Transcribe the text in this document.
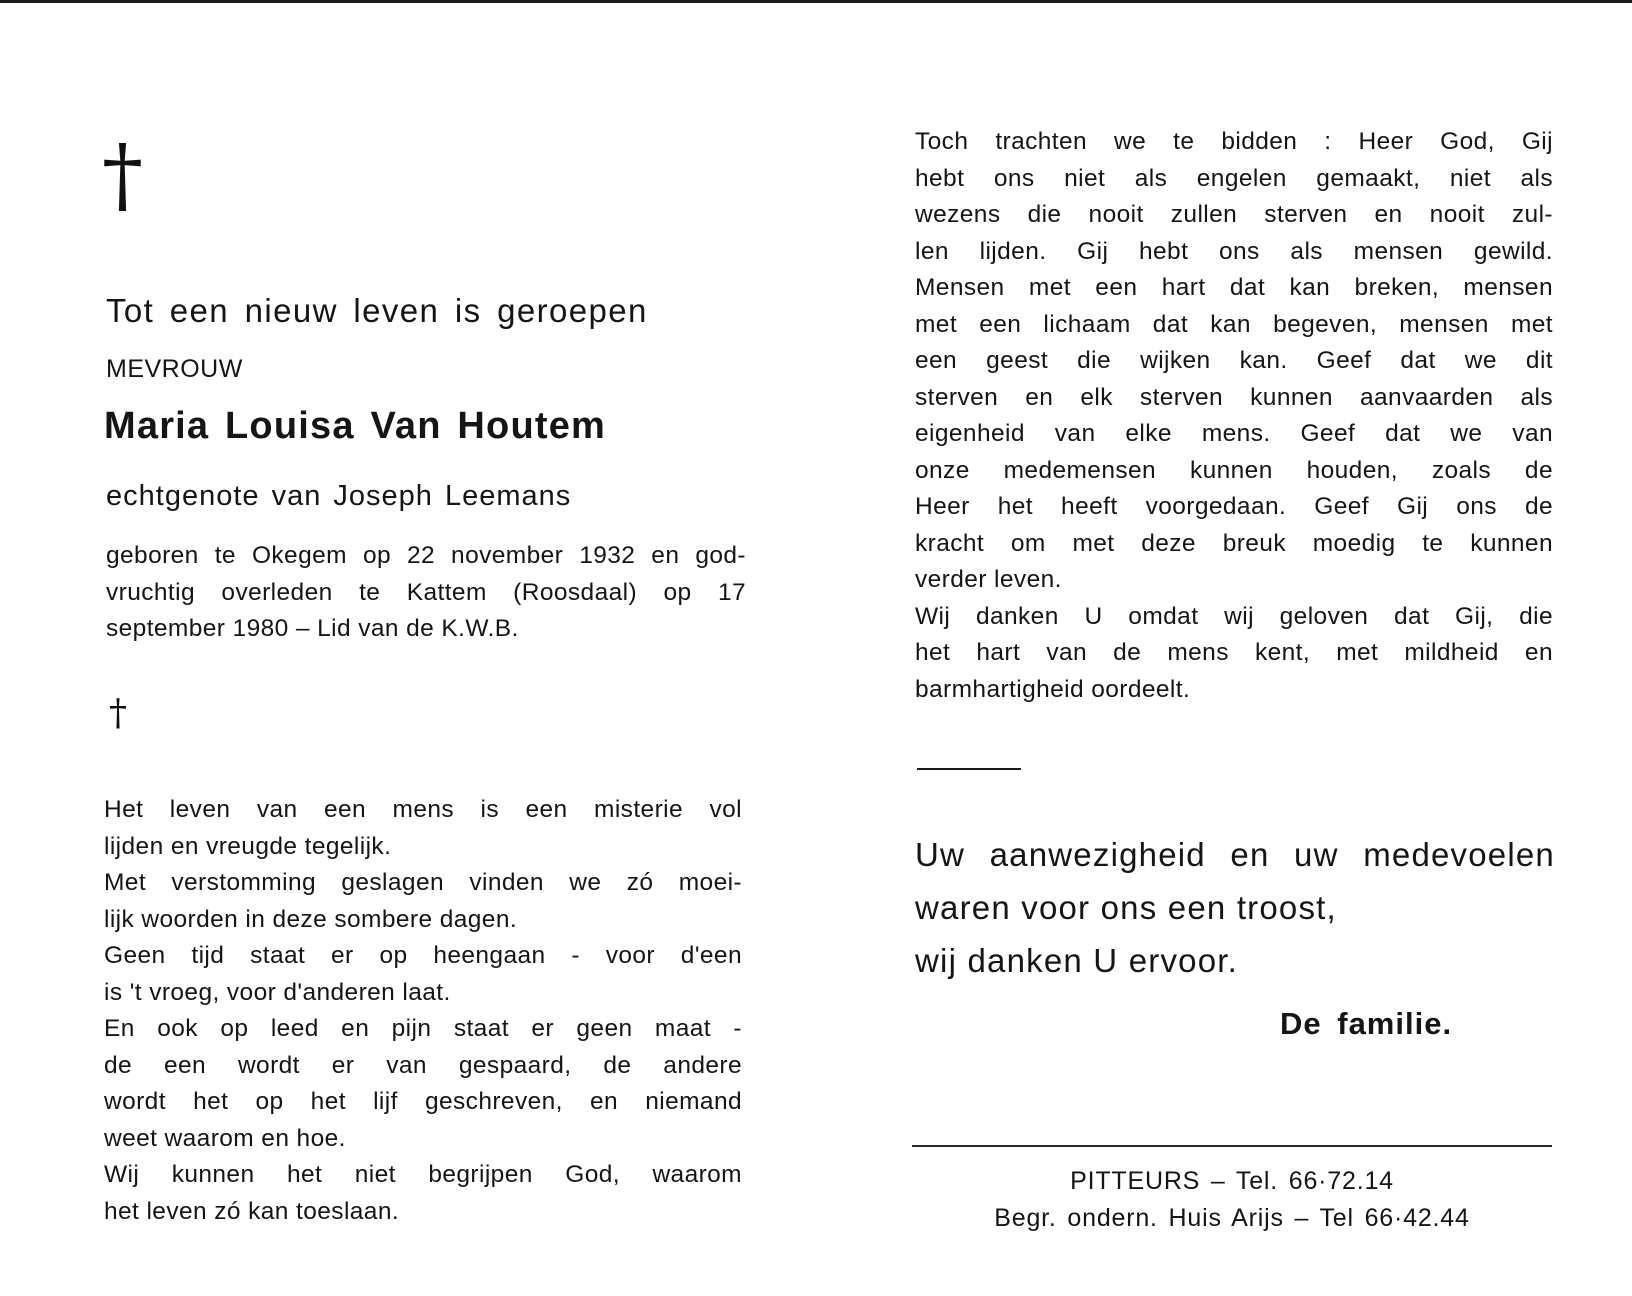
†
Tot een nieuw leven is geroepen
MEVROUW
Maria Louisa Van Houtem
echtgenote van Joseph Leemans
geboren te Okegem op 22 november 1932 en god-
vruchtig overleden te Kattem (Roosdaal) op 17
september 1980 – Lid van de K.W.B.
†
Het leven van een mens is een misterie vol
lijden en vreugde tegelijk.
Met verstomming geslagen vinden we zó moei-
lijk woorden in deze sombere dagen.
Geen tijd staat er op heengaan - voor d'een
is 't vroeg, voor d'anderen laat.
En ook op leed en pijn staat er geen maat -
de een wordt er van gespaard, de andere
wordt het op het lijf geschreven, en niemand
weet waarom en hoe.
Wij kunnen het niet begrijpen God, waarom
het leven zó kan toeslaan.
Toch trachten we te bidden : Heer God, Gij
hebt ons niet als engelen gemaakt, niet als
wezens die nooit zullen sterven en nooit zul-
len lijden. Gij hebt ons als mensen gewild.
Mensen met een hart dat kan breken, mensen
met een lichaam dat kan begeven, mensen met
een geest die wijken kan. Geef dat we dit
sterven en elk sterven kunnen aanvaarden als
eigenheid van elke mens. Geef dat we van
onze medemensen kunnen houden, zoals de
Heer het heeft voorgedaan. Geef Gij ons de
kracht om met deze breuk moedig te kunnen
verder leven.
Wij danken U omdat wij geloven dat Gij, die
het hart van de mens kent, met mildheid en
barmhartigheid oordeelt.
Uw aanwezigheid en uw medevoelen
waren voor ons een troost,
wij danken U ervoor.
De familie.
PITTEURS – Tel. 66·72.14
Begr. ondern. Huis Arijs – Tel 66·42.44
